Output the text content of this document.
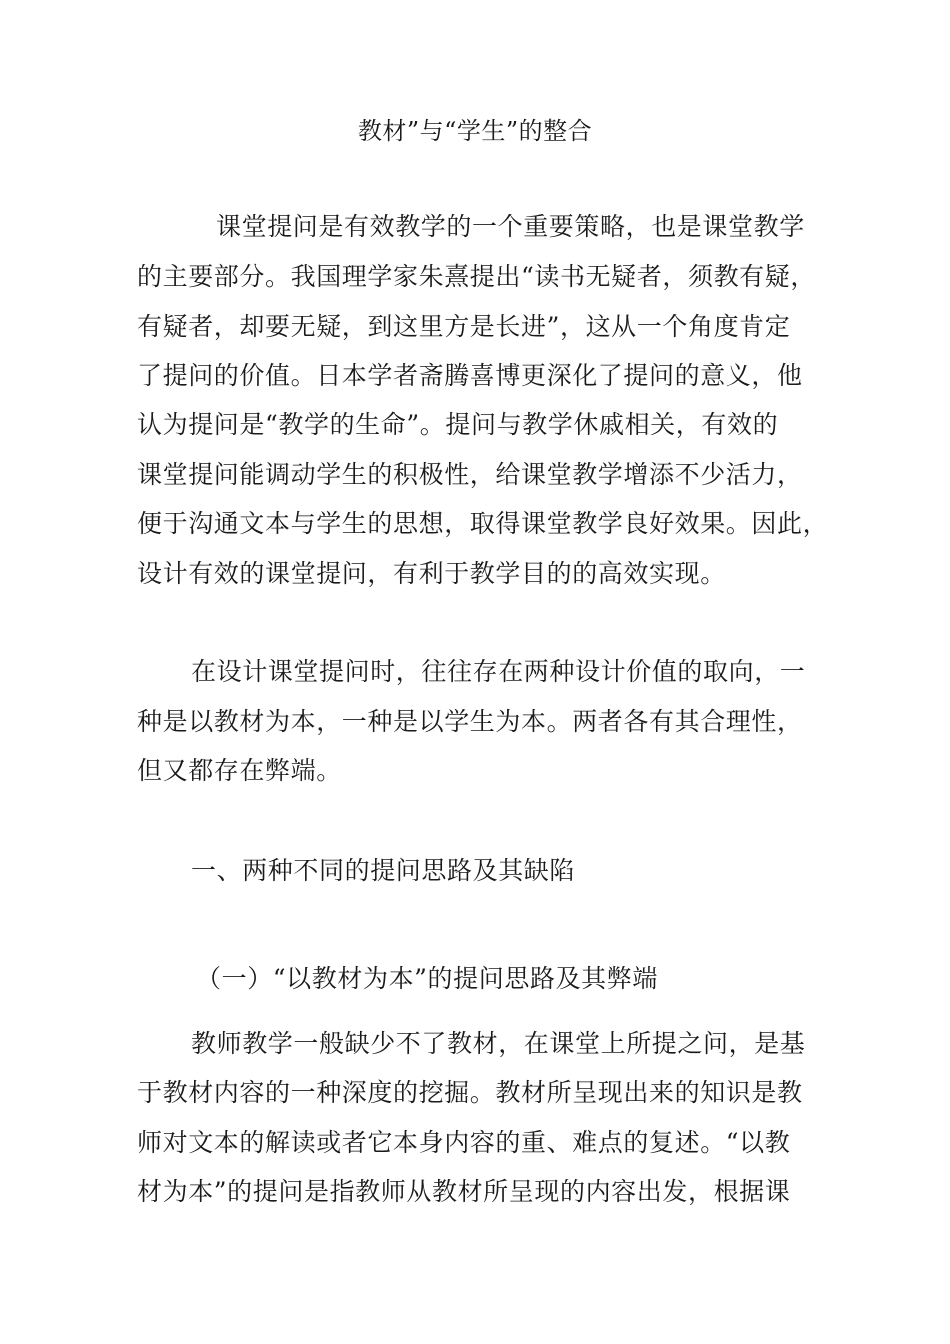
教材”与“学生”的整合
课堂提问是有效教学的一个重要策略，也是课堂教学
的主要部分。我国理学家朱熹提出“读书无疑者，须教有疑，
有疑者，却要无疑，到这里方是长进”，这从一个角度肯定
了提问的价值。日本学者斋腾喜博更深化了提问的意义，他
认为提问是“教学的生命”。提问与教学休戚相关，有效的
课堂提问能调动学生的积极性，给课堂教学增添不少活力，
便于沟通文本与学生的思想，取得课堂教学良好效果。因此，
设计有效的课堂提问，有利于教学目的的高效实现。
在设计课堂提问时，往往存在两种设计价值的取向，一
种是以教材为本，一种是以学生为本。两者各有其合理性，
但又都存在弊端。
一、两种不同的提问思路及其缺陷
（一）“以教材为本”的提问思路及其弊端
教师教学一般缺少不了教材，在课堂上所提之问，是基
于教材内容的一种深度的挖掘。教材所呈现出来的知识是教
师对文本的解读或者它本身内容的重、难点的复述。“以教
材为本”的提问是指教师从教材所呈现的内容出发，根据课
